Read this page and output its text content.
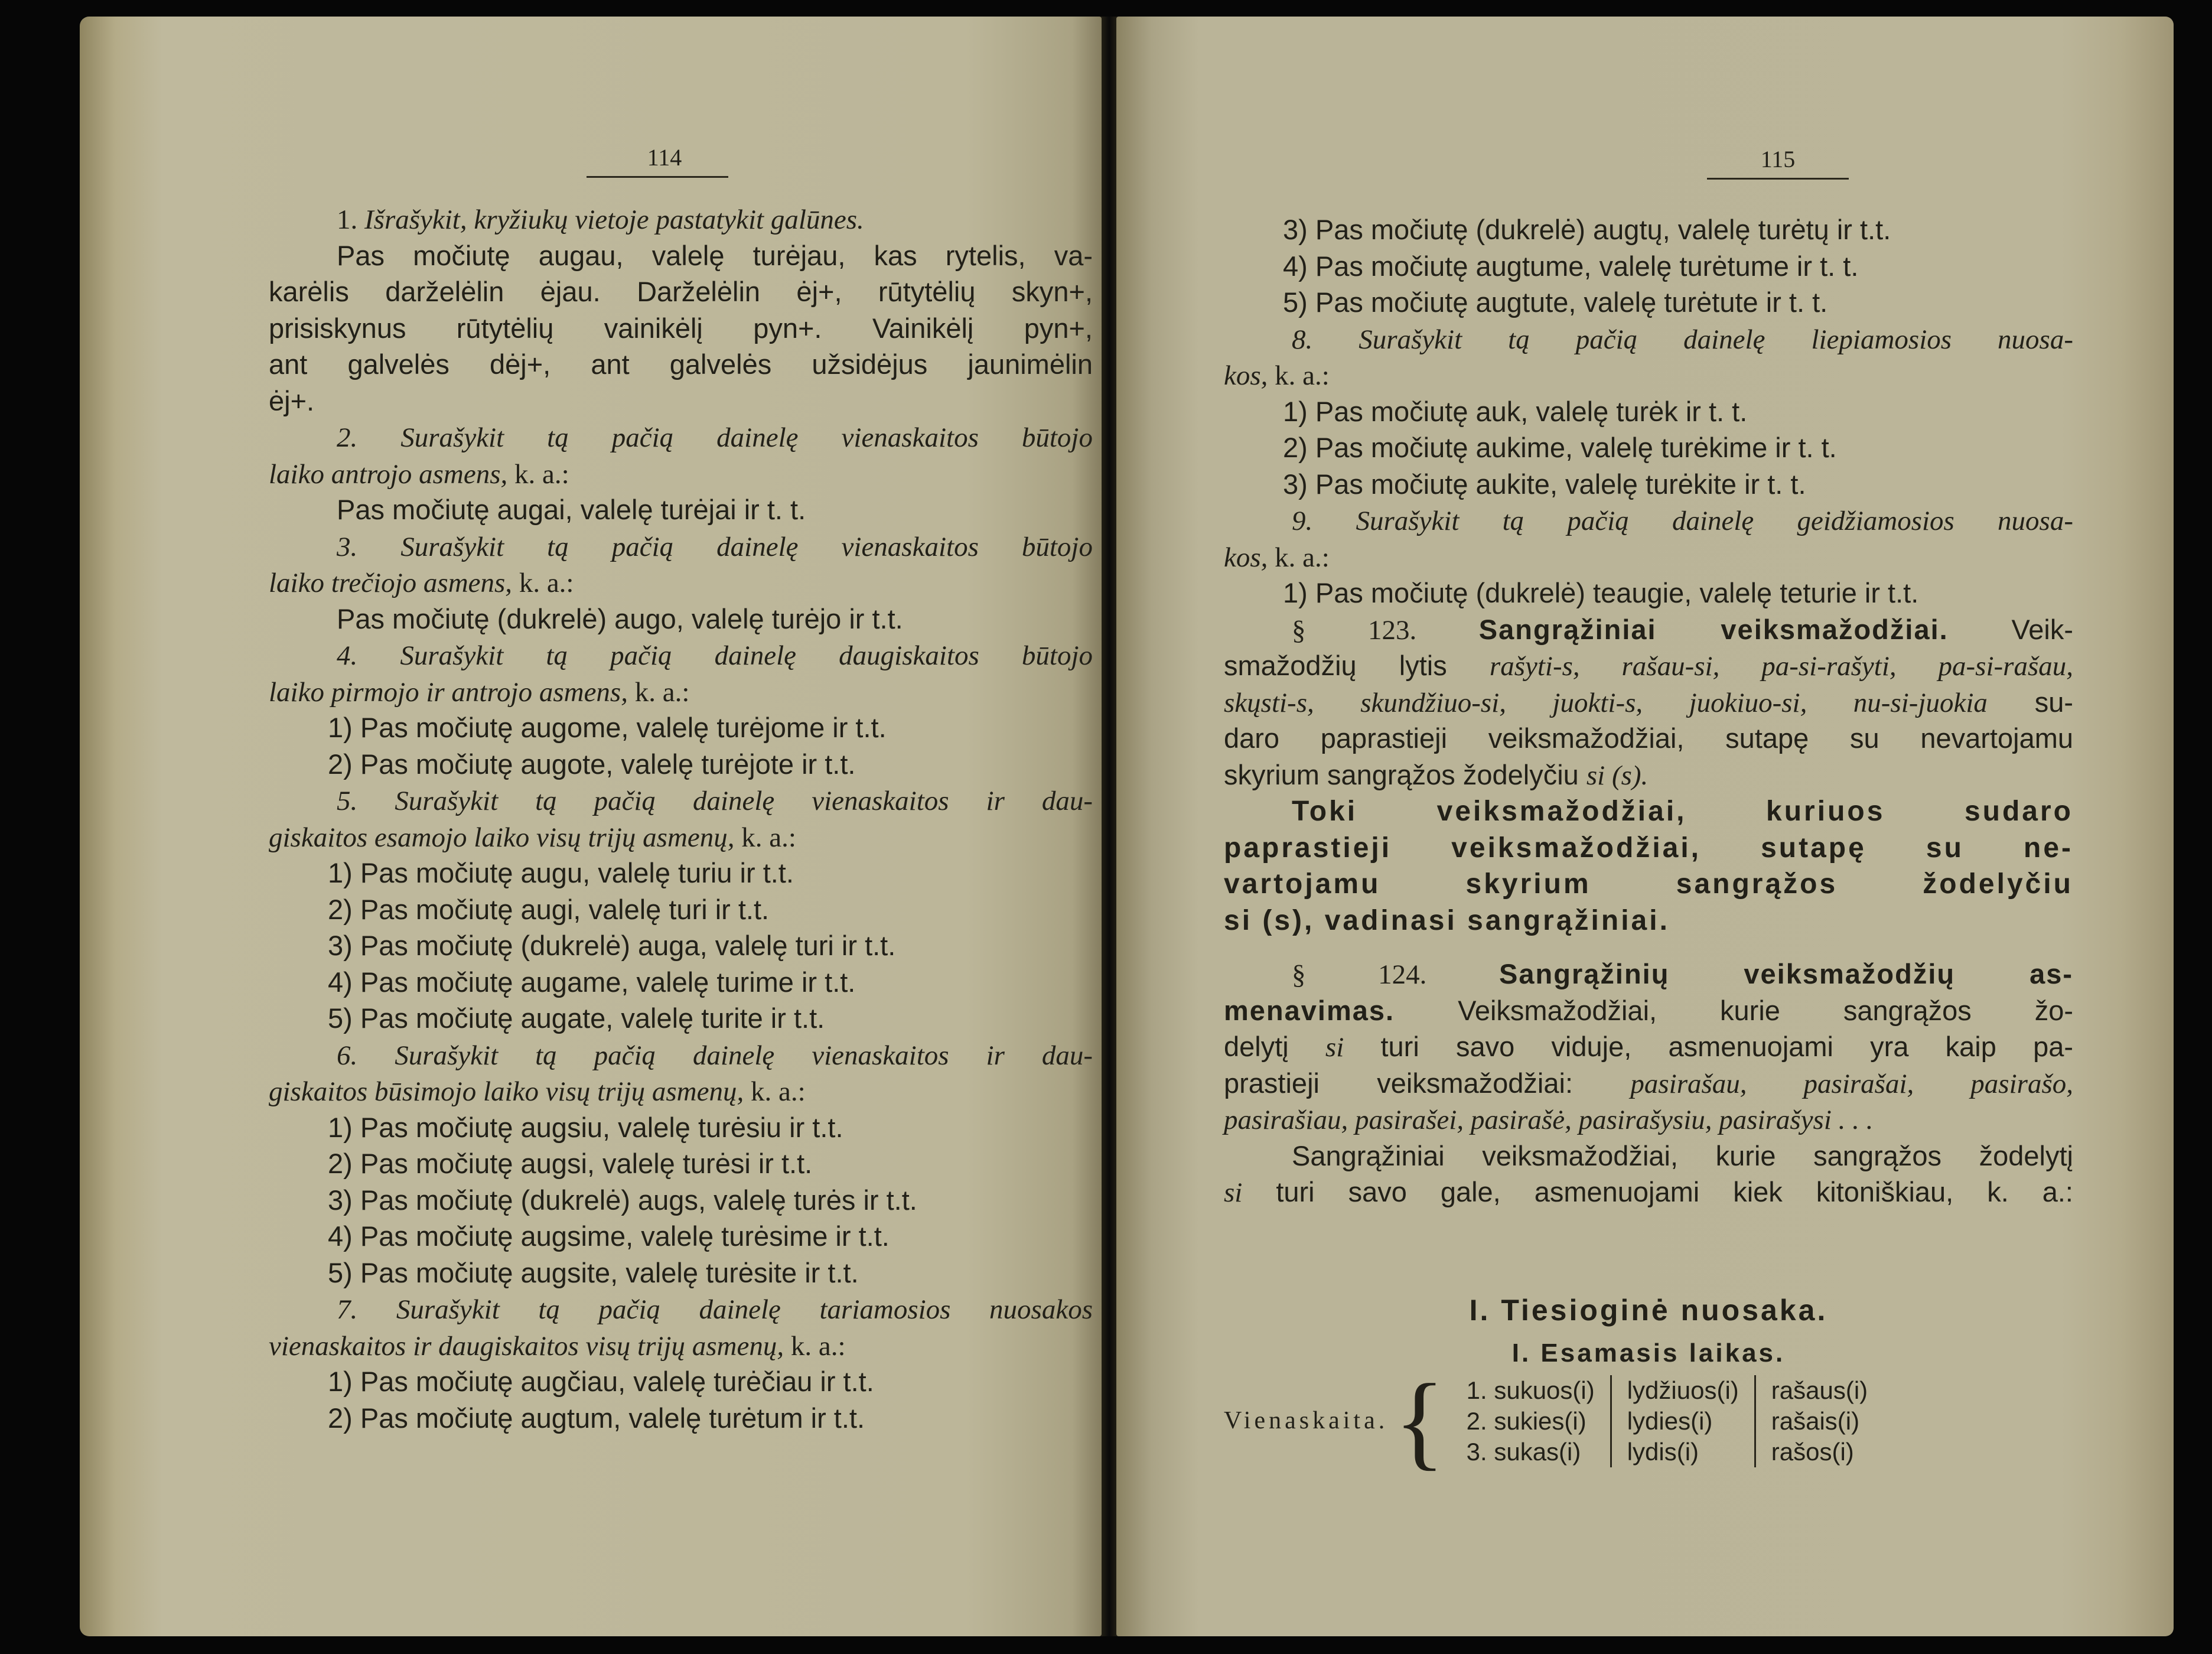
114
1. Išrašykit, kryžiukų vietoje pastatykit galūnes.
Pas močiutę augau, valelę turėjau, kas rytelis, va-
karėlis darželėlin ėjau. Darželėlin ėj+, rūtytėlių skyn+,
prisiskynus rūtytėlių vainikėlį pyn+. Vainikėlį pyn+,
ant galvelės dėj+, ant galvelės užsidėjus jaunimėlin
ėj+.
2. Surašykit tą pačią dainelę vienaskaitos būtojo
laiko antrojo asmens, k. a.:
Pas močiutę augai, valelę turėjai ir t. t.
3. Surašykit tą pačią dainelę vienaskaitos būtojo
laiko trečiojo asmens, k. a.:
Pas močiutę (dukrelė) augo, valelę turėjo ir t.t.
4. Surašykit tą pačią dainelę daugiskaitos būtojo
laiko pirmojo ir antrojo asmens, k. a.:
1) Pas močiutę augome, valelę turėjome ir t.t.
2) Pas močiutę augote, valelę turėjote ir t.t.
5. Surašykit tą pačią dainelę vienaskaitos ir dau-
giskaitos esamojo laiko visų trijų asmenų, k. a.:
1) Pas močiutę augu, valelę turiu ir t.t.
2) Pas močiutę augi, valelę turi ir t.t.
3) Pas močiutę (dukrelė) auga, valelę turi ir t.t.
4) Pas močiutę augame, valelę turime ir t.t.
5) Pas močiutę augate, valelę turite ir t.t.
6. Surašykit tą pačią dainelę vienaskaitos ir dau-
giskaitos būsimojo laiko visų trijų asmenų, k. a.:
1) Pas močiutę augsiu, valelę turėsiu ir t.t.
2) Pas močiutę augsi, valelę turėsi ir t.t.
3) Pas močiutę (dukrelė) augs, valelę turės ir t.t.
4) Pas močiutę augsime, valelę turėsime ir t.t.
5) Pas močiutę augsite, valelę turėsite ir t.t.
7. Surašykit tą pačią dainelę tariamosios nuosakos
vienaskaitos ir daugiskaitos visų trijų asmenų, k. a.:
1) Pas močiutę augčiau, valelę turėčiau ir t.t.
2) Pas močiutę augtum, valelę turėtum ir t.t.
115
3) Pas močiutę (dukrelė) augtų, valelę turėtų ir t.t.
4) Pas močiutę augtume, valelę turėtume ir t. t.
5) Pas močiutę augtute, valelę turėtute ir t. t.
8. Surašykit tą pačią dainelę liepiamosios nuosa-
kos, k. a.:
1) Pas močiutę auk, valelę turėk ir t. t.
2) Pas močiutę aukime, valelę turėkime ir t. t.
3) Pas močiutę aukite, valelę turėkite ir t. t.
9. Surašykit tą pačią dainelę geidžiamosios nuosa-
kos, k. a.:
1) Pas močiutę (dukrelė) teaugie, valelę teturie ir t.t.
§ 123. Sangrąžiniai veiksmažodžiai. Veik-
smažodžių lytis rašyti-s, rašau-si, pa-si-rašyti, pa-si-rašau,
skųsti-s, skundžiuo-si, juokti-s, juokiuo-si, nu-si-juokia su-
daro paprastieji veiksmažodžiai, sutapę su nevartojamu
skyrium sangrąžos žodelyčiu si (s).
Toki veiksmažodžiai, kuriuos sudaro
paprastieji veiksmažodžiai, sutapę su ne-
vartojamu skyrium sangrąžos žodelyčiu
si (s), vadinasi sangrąžiniai.
§ 124. Sangrąžinių veiksmažodžių as-
menavimas. Veiksmažodžiai, kurie sangrąžos žo-
delytį si turi savo viduje, asmenuojami yra kaip pa-
prastieji veiksmažodžiai: pasirašau, pasirašai, pasirašo,
pasirašiau, pasirašei, pasirašė, pasirašysiu, pasirašysi . . .
Sangrąžiniai veiksmažodžiai, kurie sangrąžos žodelytį
si turi savo gale, asmenuojami kiek kitoniškiau, k. a.:
I. Tiesioginė nuosaka.
I. Esamasis laikas.
Vienaskaita. { 1. sukuos(i)
2. sukies(i)
3. sukas(i)
lydžiuos(i)
lydies(i)
lydis(i)
rašaus(i)
rašais(i)
rašos(i)
